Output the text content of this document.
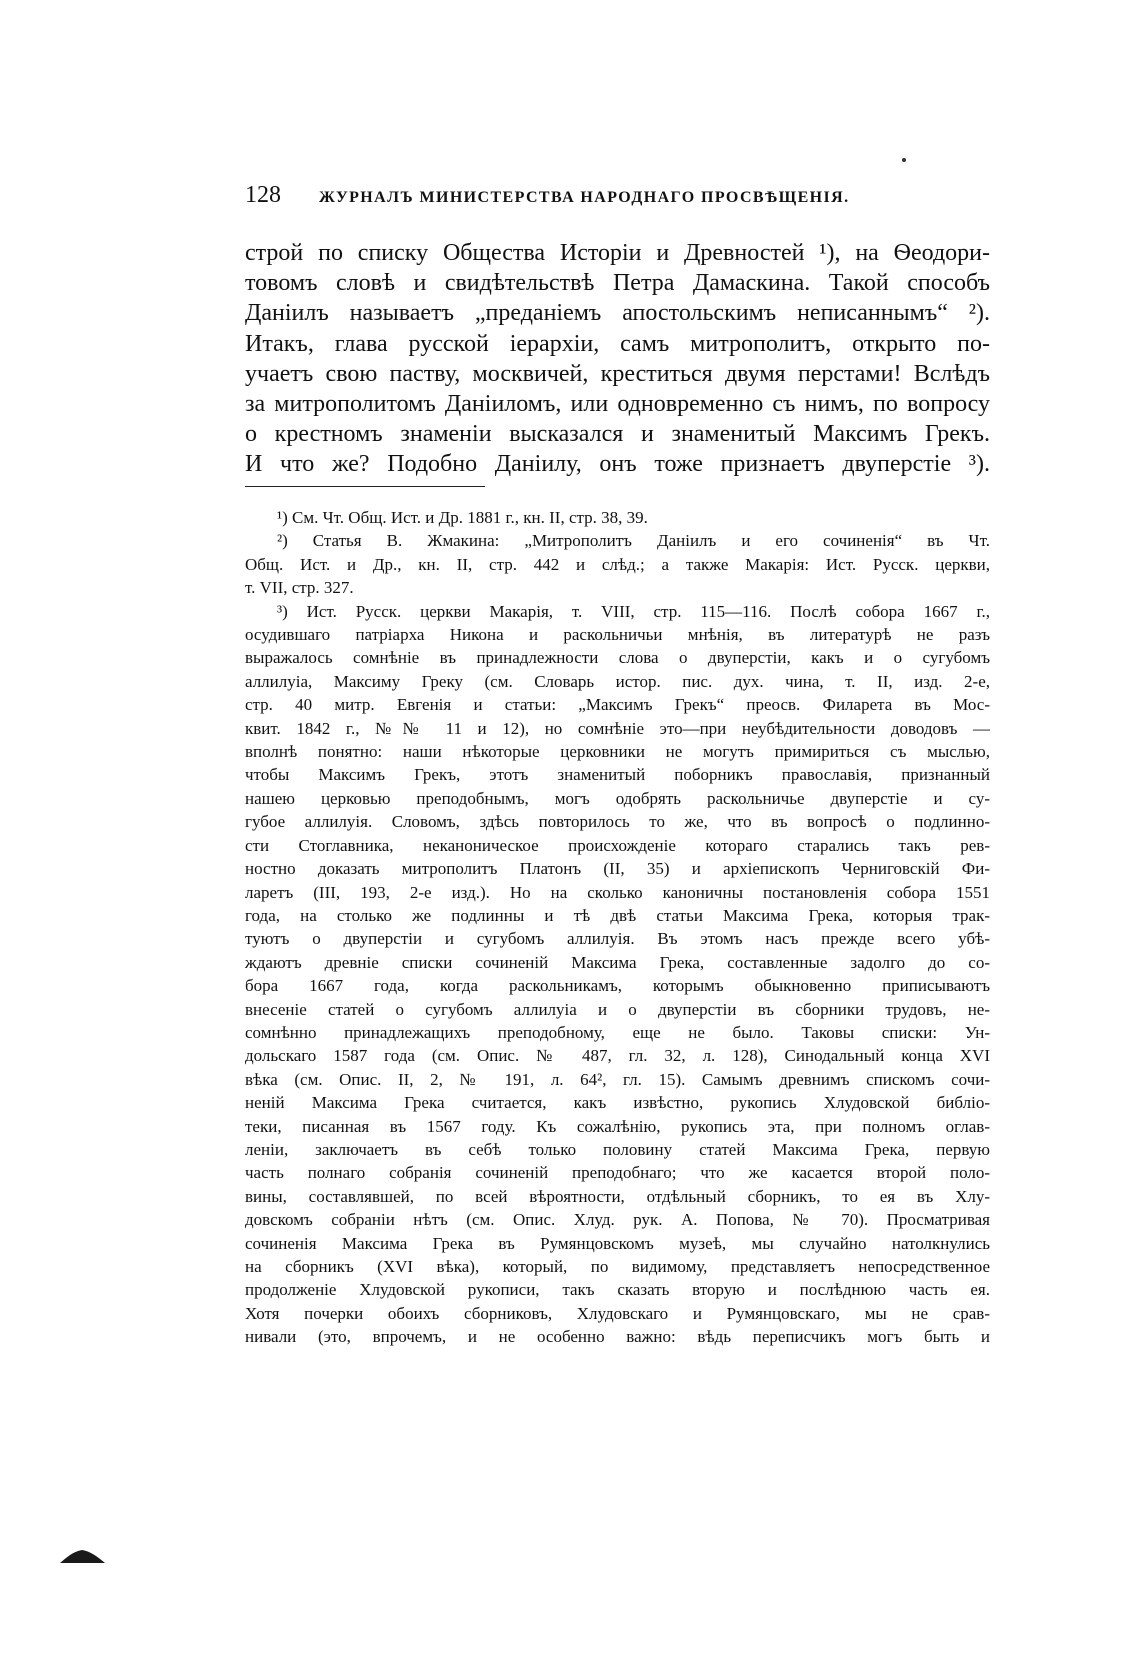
128 ЖУРНАЛЪ МИНИСТЕРСТВА НАРОДНАГО ПРОСВѢЩЕНІЯ.
строй по списку Общества Исторіи и Древностей ¹), на Ѳеодори-
товомъ словѣ и свидѣтельствѣ Петра Дамаскина. Такой способъ
Даніилъ называетъ „преданіемъ апостольскимъ неписаннымъ“ ²).
Итакъ, глава русской іерархіи, самъ митрополитъ, открыто по-
учаетъ свою паству, москвичей, креститься двумя перстами! Вслѣдъ
за митрополитомъ Даніиломъ, или одновременно съ нимъ, по вопросу
о крестномъ знаменіи высказался и знаменитый Максимъ Грекъ.
И что же? Подобно Даніилу, онъ тоже признаетъ двуперстіе ³).
¹) См. Чт. Общ. Ист. и Др. 1881 г., кн. II, стр. 38, 39.
²) Статья В. Жмакина: „Митрополитъ Даніилъ и его сочиненія“ въ Чт.
Общ. Ист. и Др., кн. II, стр. 442 и слѣд.; а также Макарія: Ист. Русск. церкви,
т. VII, стр. 327.
³) Ист. Русск. церкви Макарія, т. VIII, стр. 115—116. Послѣ собора 1667 г.,
осудившаго патріарха Никона и раскольничьи мнѣнія, въ литературѣ не разъ
выражалось сомнѣніе въ принадлежности слова о двуперстіи, какъ и о сугубомъ
аллилуіа, Максиму Греку (см. Словарь истор. пис. дух. чина, т. II, изд. 2-е,
стр. 40 митр. Евгенія и статьи: „Максимъ Грекъ“ преосв. Филарета въ Мос-
квит. 1842 г., №№ 11 и 12), но сомнѣніе это—при неубѣдительности доводовъ —
вполнѣ понятно: наши нѣкоторые церковники не могутъ примириться съ мыслью,
чтобы Максимъ Грекъ, этотъ знаменитый поборникъ православія, признанный
нашею церковью преподобнымъ, могъ одобрять раскольничье двуперстіе и су-
губое аллилуія. Словомъ, здѣсь повторилось то же, что въ вопросѣ о подлинно-
сти Стоглавника, неканоническое происхожденіе котораго старались такъ рев-
ностно доказать митрополитъ Платонъ (II, 35) и архіепископъ Черниговскій Фи-
ларетъ (III, 193, 2-е изд.). Но на сколько каноничны постановленія собора 1551
года, на столько же подлинны и тѣ двѣ статьи Максима Грека, которыя трак-
туютъ о двуперстіи и сугубомъ аллилуія. Въ этомъ насъ прежде всего убѣ-
ждаютъ древніе списки сочиненій Максима Грека, составленные задолго до со-
бора 1667 года, когда раскольникамъ, которымъ обыкновенно приписываютъ
внесеніе статей о сугубомъ аллилуіа и о двуперстіи въ сборники трудовъ, не-
сомнѣнно принадлежащихъ преподобному, еще не было. Таковы списки: Ун-
дольскаго 1587 года (см. Опис. № 487, гл. 32, л. 128), Синодальный конца XVI
вѣка (см. Опис. II, 2, № 191, л. 64², гл. 15). Самымъ древнимъ спискомъ сочи-
неній Максима Грека считается, какъ извѣстно, рукопись Хлудовской библіо-
теки, писанная въ 1567 году. Къ сожалѣнію, рукопись эта, при полномъ оглав-
леніи, заключаетъ въ себѣ только половину статей Максима Грека, первую
часть полнаго собранія сочиненій преподобнаго; что же касается второй поло-
вины, составлявшей, по всей вѣроятности, отдѣльный сборникъ, то ея въ Хлу-
довскомъ собраніи нѣтъ (см. Опис. Хлуд. рук. А. Попова, № 70). Просматривая
сочиненія Максима Грека въ Румянцовскомъ музеѣ, мы случайно натолкнулись
на сборникъ (XVI вѣка), который, по видимому, представляетъ непосредственное
продолженіе Хлудовской рукописи, такъ сказать вторую и послѣднюю часть ея.
Хотя почерки обоихъ сборниковъ, Хлудовскаго и Румянцовскаго, мы не срав-
нивали (это, впрочемъ, и не особенно важно: вѣдь переписчикъ могъ быть и
